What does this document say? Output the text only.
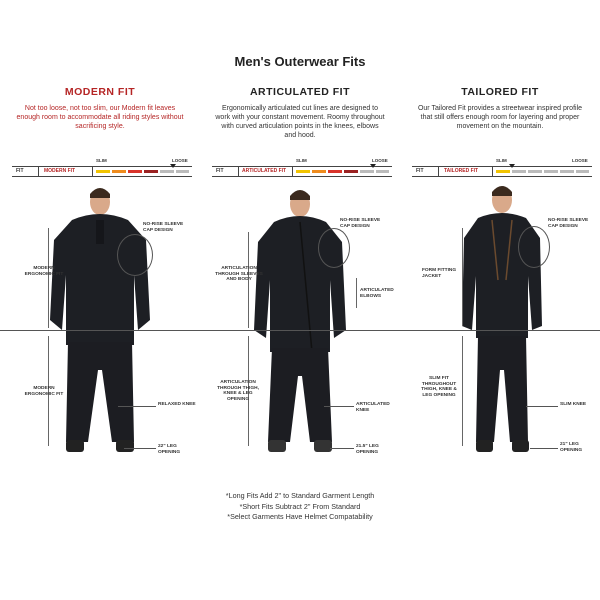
Men's Outerwear Fits
MODERN FIT
Not too loose, not too slim, our Modern fit leaves enough room to accommodate all riding styles without sacrificing style.
SLIM	LOOSE
FIT	MODERN FIT
MODERN ERGONOMIC FIT
MODERN ERGONOMIC FIT
NO-RISE SLEEVE CAP DESIGN
RELAXED KNEE
22" LEG OPENING
ARTICULATED FIT
Ergonomically articulated cut lines are designed to work with your constant movement. Roomy throughout with curved articulation points in the knees, elbows and hood.
SLIM	LOOSE
FIT	ARTICULATED FIT
ARTICULATION THROUGH SLEEVES AND BODY
ARTICULATION THROUGH THIGH, KNEE & LEG OPENING
NO-RISE SLEEVE CAP DESIGN
ARTICULATED ELBOWS
ARTICULATED KNEE
21.5" LEG OPENING
TAILORED FIT
Our Tailored Fit provides a streetwear inspired profile that still offers enough room for layering and proper movement on the mountain.
SLIM	LOOSE
FIT	TAILORED FIT
FORM FITTING JACKET
SLIM FIT THROUGHOUT THIGH, KNEE & LEG OPENING
NO-RISE SLEEVE CAP DESIGN
SLIM KNEE
21" LEG OPENING
*Long Fits Add 2" to Standard Garment Length
*Short Fits Subtract 2" From Standard
*Select Garments Have Helmet Compatability
